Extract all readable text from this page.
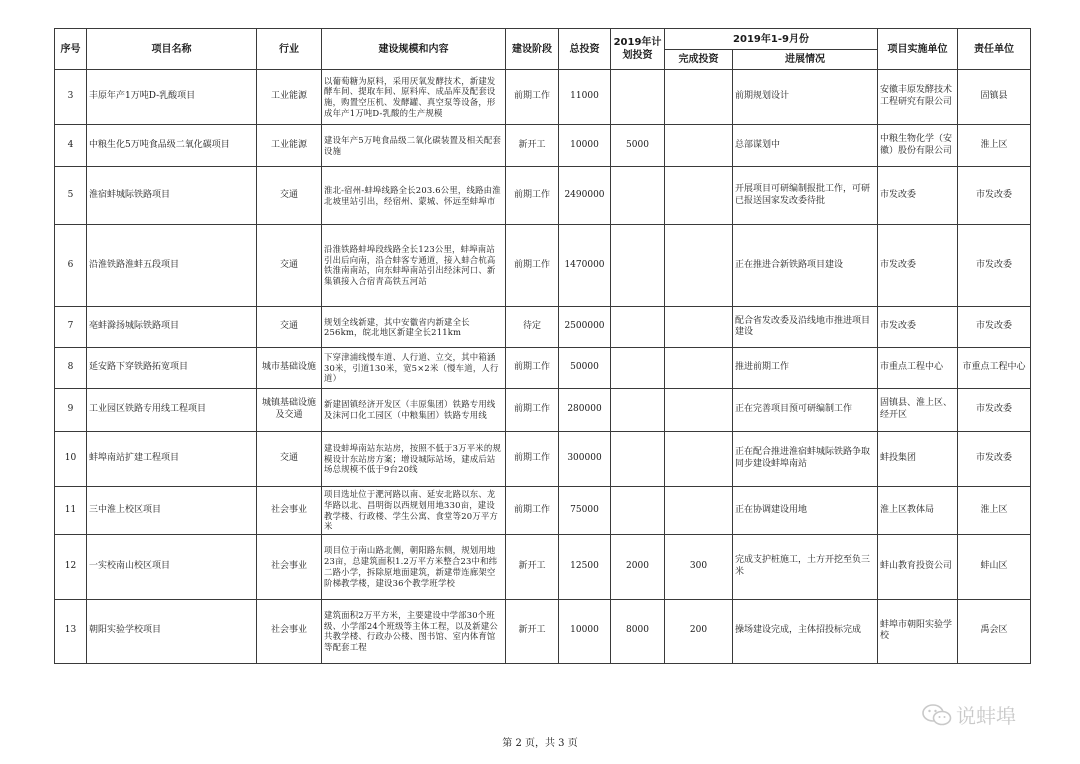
序号	项目名称	行业	建设规模和内容	建设阶段	总投资	2019年计划投资	2019年1-9月份		项目实施单位	责任单位
							完成投资	进展情况		
3	丰原年产1万吨D-乳酸项目	工业能源	以葡萄糖为原料，采用厌氧发酵技术，新建发酵车间、提取车间、原料库、成品库及配套设施，购置空压机、发酵罐、真空泵等设备，形成年产1万吨D-乳酸的生产规模	前期工作	11000			前期规划设计	安徽丰原发酵技术工程研究有限公司	固镇县
4	中粮生化5万吨食品级二氧化碳项目	工业能源	建设年产5万吨食品级二氧化碳装置及相关配套设施	新开工	10000	5000		总部谋划中	中粮生物化学（安徽）股份有限公司	淮上区
5	淮宿蚌城际铁路项目	交通	淮北-宿州-蚌埠线路全长203.6公里，线路由淮北坡里站引出，经宿州、蒙城、怀远至蚌埠市	前期工作	2490000			开展项目可研编制报批工作，可研已报送国家发改委待批	市发改委	市发改委
6	沿淮铁路淮蚌五段项目	交通	沿淮铁路蚌埠段线路全长123公里，蚌埠南站引出后向南，沿合蚌客专通道，接入蚌合杭高铁淮南南站，向东蚌埠南站引出经沫河口、新集镇接入合宿青高铁五河站	前期工作	1470000			正在推进合新铁路项目建设	市发改委	市发改委
7	亳蚌滁扬城际铁路项目	交通	规划全线新建，其中安徽省内新建全长256km，皖北地区新建全长211km	待定	2500000			配合省发改委及沿线地市推进项目建设	市发改委	市发改委
8	延安路下穿铁路拓宽项目	城市基础设施	下穿津浦线慢车道、人行道、立交，其中箱涵30米，引道130米，宽5×2米（慢车道，人行道）	前期工作	50000			推进前期工作	市重点工程中心	市重点工程中心
9	工业园区铁路专用线工程项目	城镇基础设施及交通	新建固镇经济开发区（丰原集团）铁路专用线及沫河口化工园区（中粮集团）铁路专用线	前期工作	280000			正在完善项目预可研编制工作	固镇县、淮上区、经开区	市发改委
10	蚌埠南站扩建工程项目	交通	建设蚌埠南站东站房，按照不低于3万平米的规模设计东站房方案；增设城际站场，建成后站场总规模不低于9台20线	前期工作	300000			正在配合推进淮宿蚌城际铁路争取同步建设蚌埠南站	蚌投集团	市发改委
11	三中淮上校区项目	社会事业	项目选址位于淝河路以南、延安北路以东、龙华路以北、昌明街以西规划用地330亩，建设教学楼、行政楼、学生公寓、食堂等20万平方米	前期工作	75000			正在协调建设用地	淮上区教体局	淮上区
12	一实校南山校区项目	社会事业	项目位于南山路北侧，朝阳路东侧，规划用地23亩，总建筑面积1.2万平方米整合23中和纬二路小学，拆除原地面建筑，新建带连廊架空阶梯教学楼，建设36个教学班学校	新开工	12500	2000	300	完成支护桩施工，土方开挖至负三米	蚌山教育投资公司	蚌山区
13	朝阳实验学校项目	社会事业	建筑面积2万平方米，主要建设中学部30个班级、小学部24个班级等主体工程，以及新建公共教学楼、行政办公楼、图书馆、室内体育馆等配套工程	新开工	10000	8000	200	操场建设完成，主体招投标完成	蚌埠市朝阳实验学校	禹会区
第 2 页，共 3 页
说蚌埠
